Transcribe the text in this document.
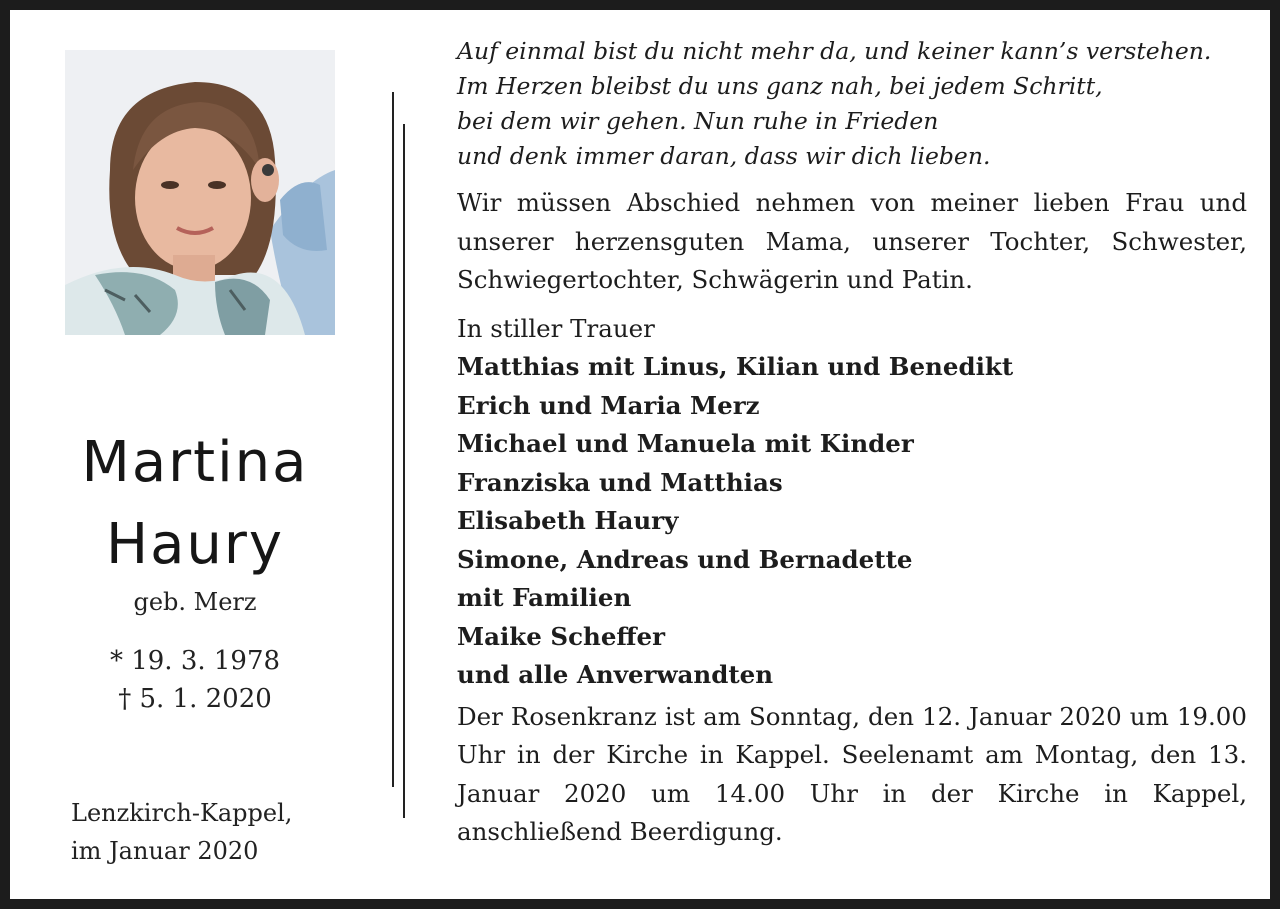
Martina
Haury
geb. Merz
* 19. 3. 1978
† 5. 1. 2020
Lenzkirch-Kappel,
im Januar 2020
Auf einmal bist du nicht mehr da, und keiner kann’s verstehen.
Im Herzen bleibst du uns ganz nah, bei jedem Schritt,
bei dem wir gehen. Nun ruhe in Frieden
und denk immer daran, dass wir dich lieben.
Wir müssen Abschied nehmen von meiner lieben Frau und unserer herzensguten Mama, unserer Tochter, Schwester, Schwiegertochter, Schwägerin und Patin.
In stiller Trauer
Matthias mit Linus, Kilian und Benedikt
Erich und Maria Merz
Michael und Manuela mit Kinder
Franziska und Matthias
Elisabeth Haury
Simone, Andreas und Bernadette
mit Familien
Maike Scheffer
und alle Anverwandten
Der Rosenkranz ist am Sonntag, den 12. Januar 2020 um 19.00 Uhr in der Kirche in Kappel. Seelenamt am Montag, den 13. Januar 2020 um 14.00 Uhr in der Kirche in Kappel, anschließend Beerdigung.
